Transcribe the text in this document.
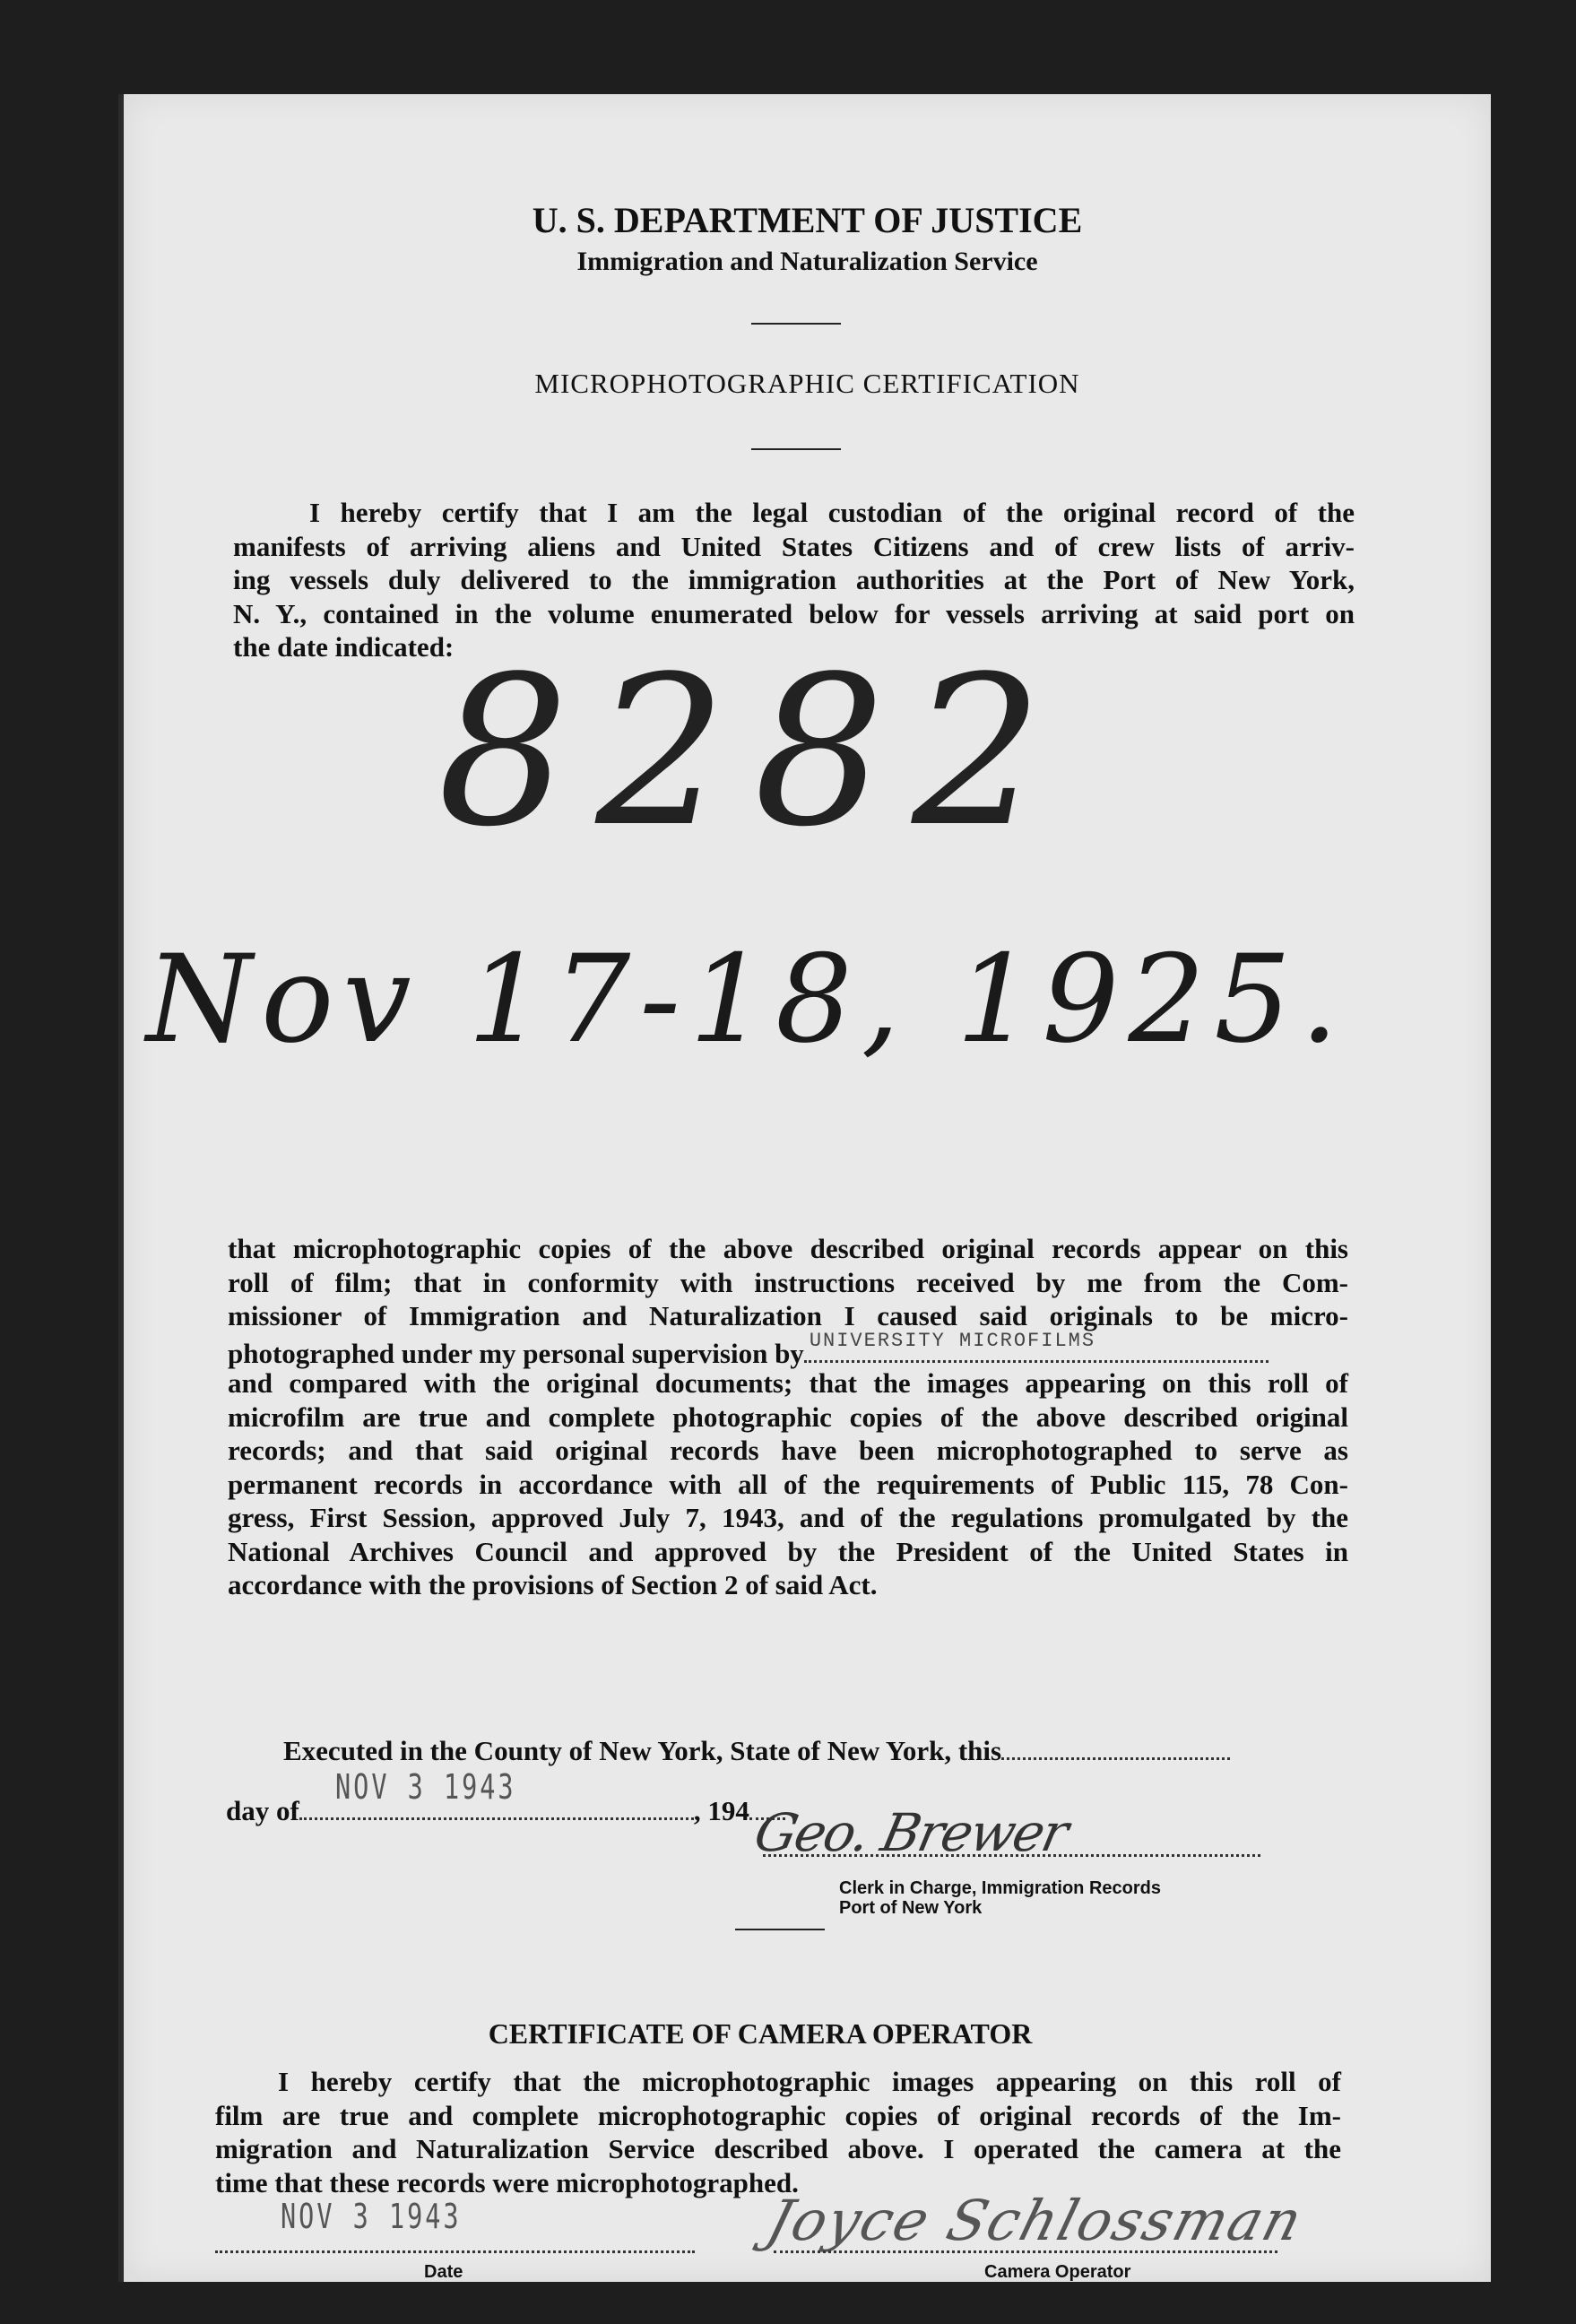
U. S. DEPARTMENT OF JUSTICE
Immigration and Naturalization Service
MICROPHOTOGRAPHIC CERTIFICATION
I hereby certify that I am the legal custodian of the original record of the
manifests of arriving aliens and United States Citizens and of crew lists of arriv-
ing vessels duly delivered to the immigration authorities at the Port of New York,
N. Y., contained in the volume enumerated below for vessels arriving at said port on
the date indicated:
8282
Nov 17-18, 1925.
that microphotographic copies of the above described original records appear on this
roll of film; that in conformity with instructions received by me from the Com-
missioner of Immigration and Naturalization I caused said originals to be micro-
photographed under my personal supervision by UNIVERSITY MICROFILMS
and compared with the original documents; that the images appearing on this roll of
microfilm are true and complete photographic copies of the above described original
records; and that said original records have been microphotographed to serve as
permanent records in accordance with all of the requirements of Public 115, 78 Con-
gress, First Session, approved July 7, 1943, and of the regulations promulgated by the
National Archives Council and approved by the President of the United States in
accordance with the provisions of Section 2 of said Act.
Executed in the County of New York, State of New York, this
day of
NOV 3 1943
, 194 Geo. Brewer
Clerk in Charge, Immigration Records
Port of New York
CERTIFICATE OF CAMERA OPERATOR
I hereby certify that the microphotographic images appearing on this roll of
film are true and complete microphotographic copies of original records of the Im-
migration and Naturalization Service described above. I operated the camera at the
time that these records were microphotographed.
NOV 3 1943
Date
Joyce Schlossman
Camera Operator
